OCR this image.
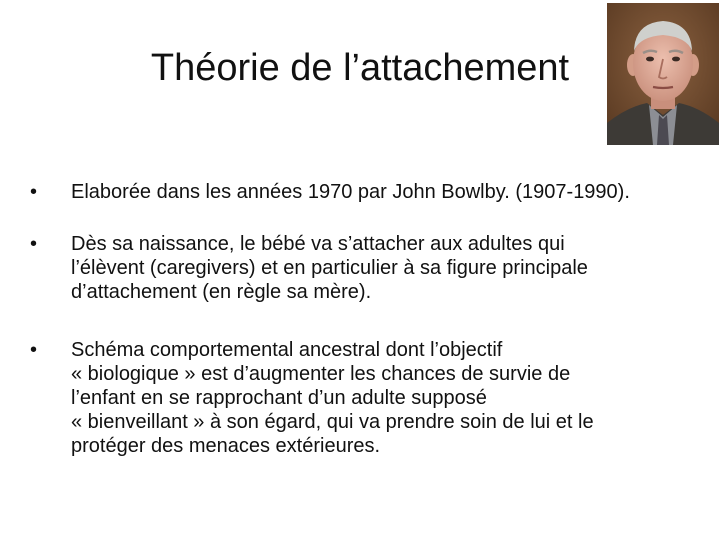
Théorie de l’attachement
•	Elaborée dans les années 1970 par John Bowlby. (1907-1990).
•	Dès sa naissance, le bébé va s’attacher aux adultes qui
l’élèvent (caregivers) et en particulier à sa figure principale
d’attachement (en règle sa mère).
•	Schéma comportemental ancestral dont l’objectif
« biologique » est d’augmenter les chances de survie de
l’enfant en se rapprochant d’un adulte supposé
« bienveillant » à son égard, qui va prendre soin de lui et le
protéger des menaces extérieures.
